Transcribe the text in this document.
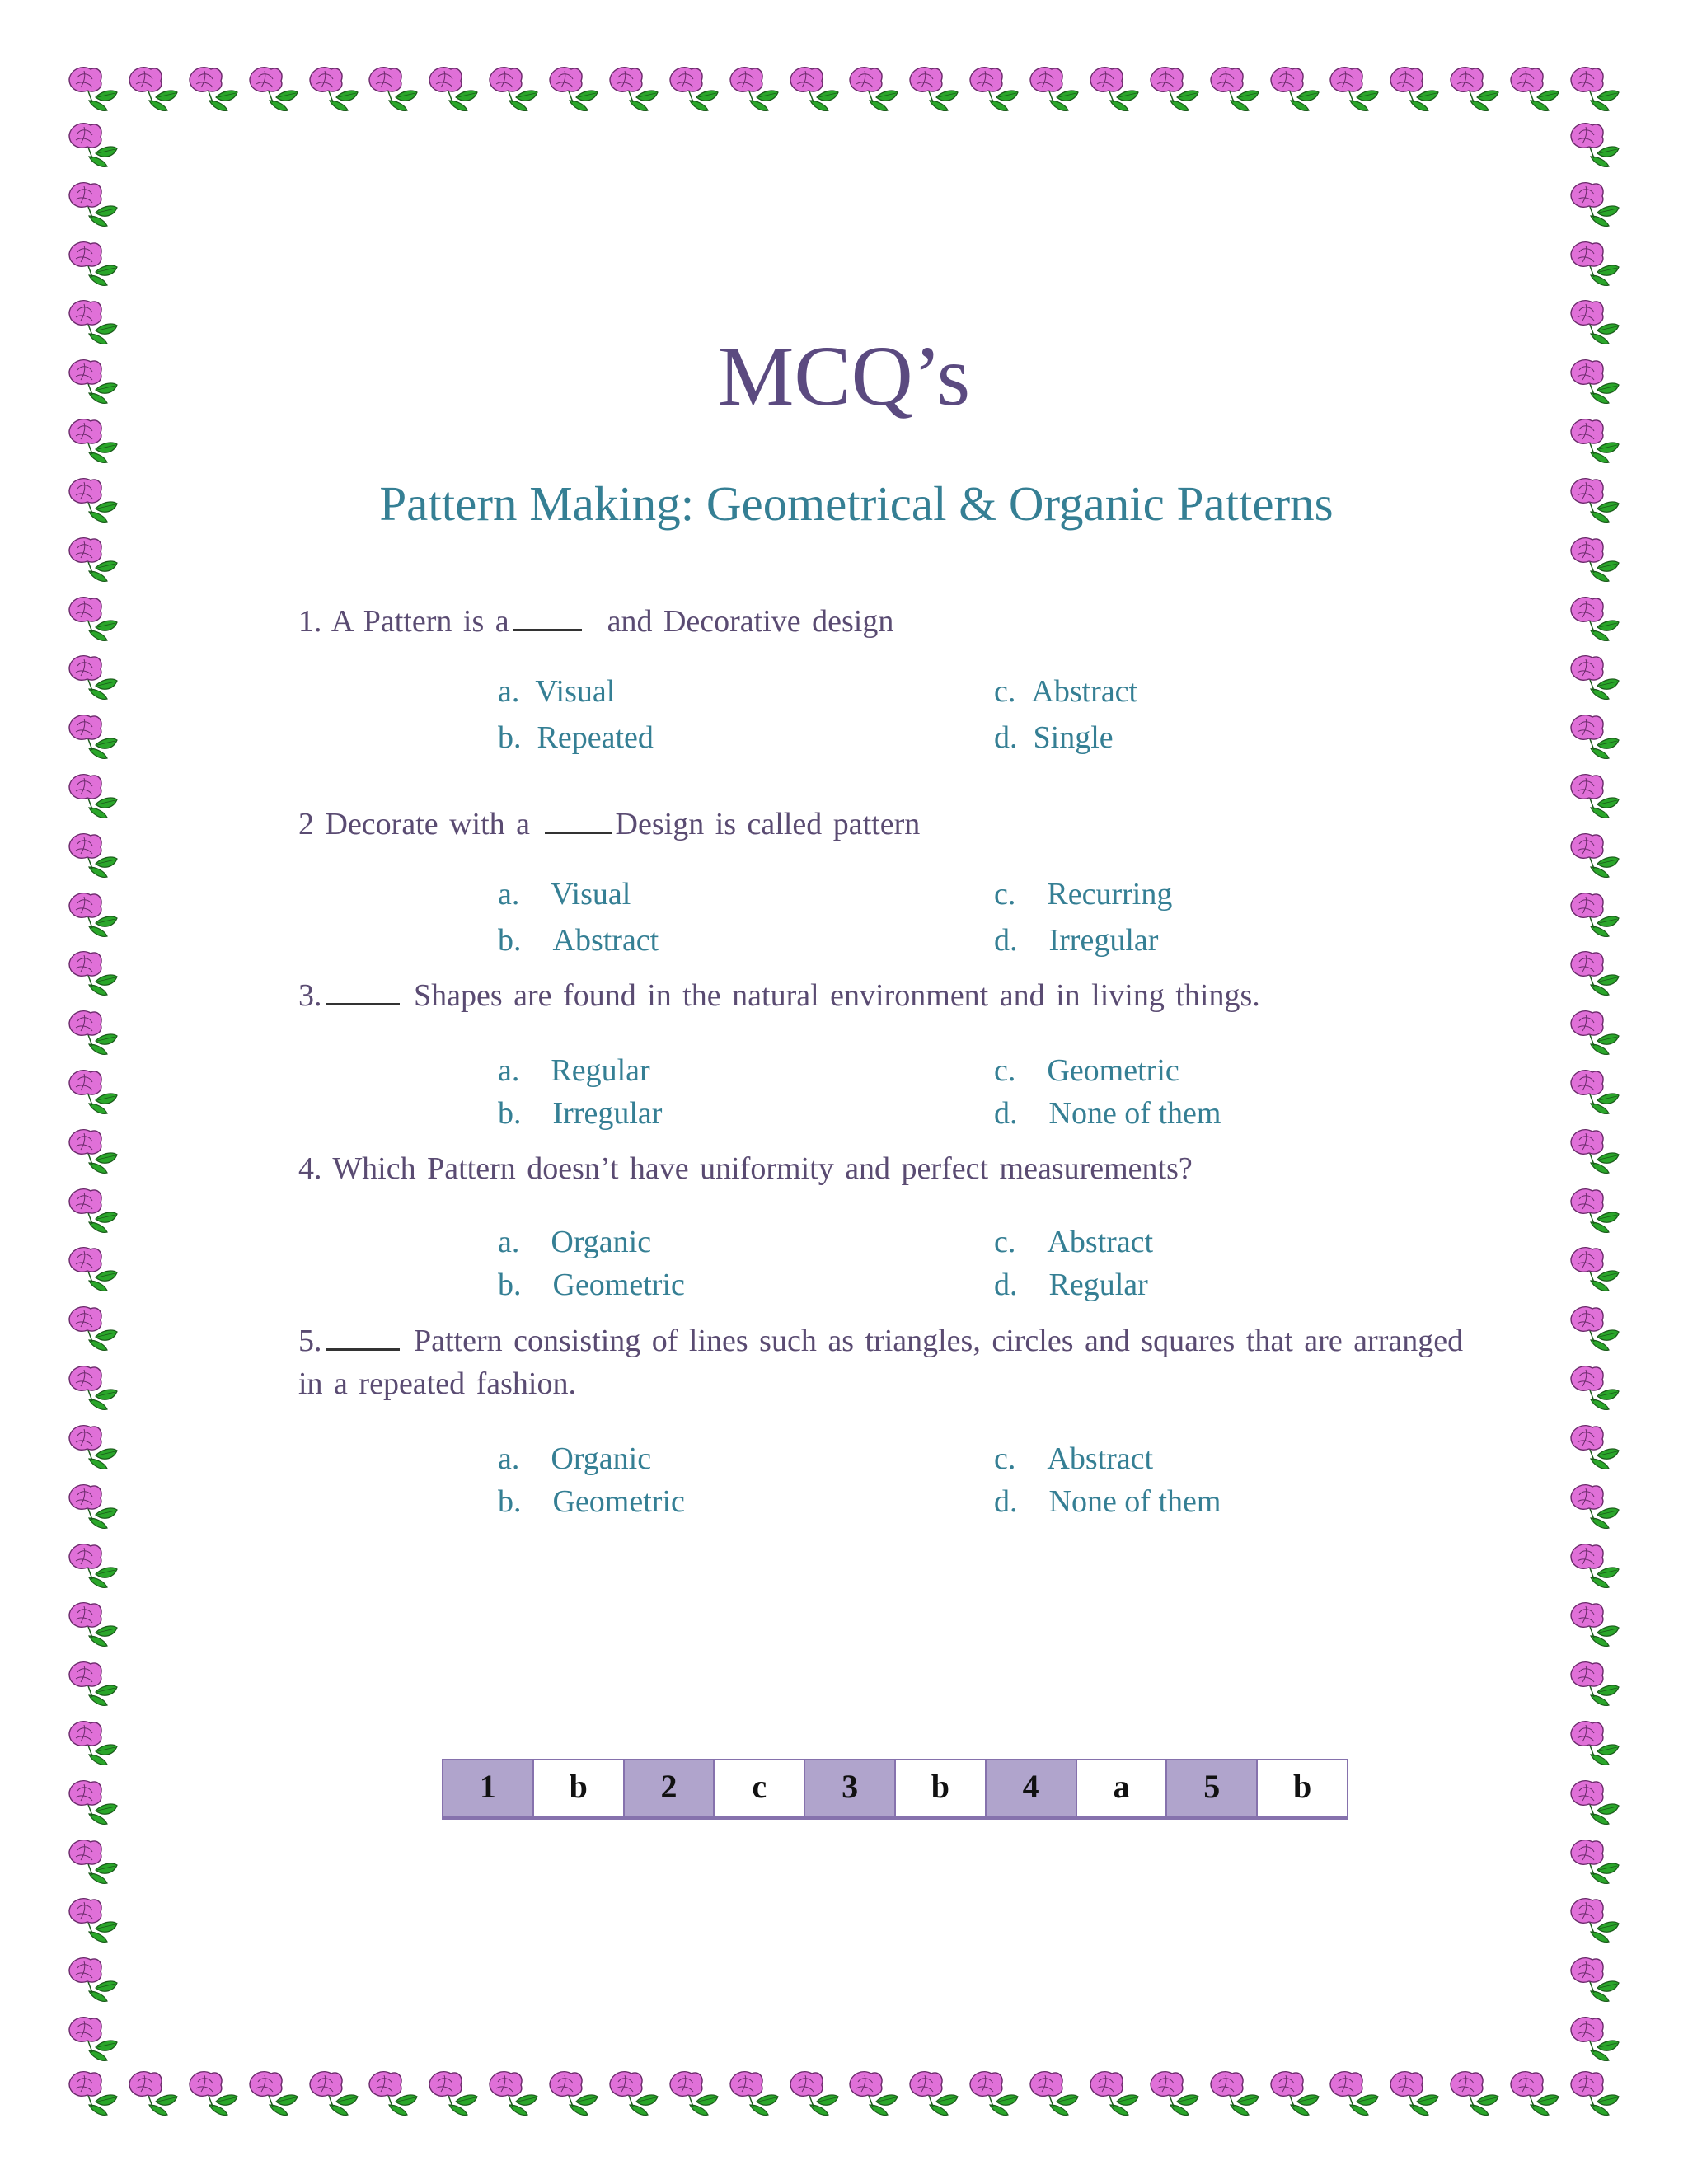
MCQ’s
Pattern Making: Geometrical & Organic Patterns
1. A Pattern is a	and Decorative design
a. Visual
b. Repeated
c. Abstract
d. Single
2 Decorate with a	Design is called pattern
a. Visual
b. Abstract
c. Recurring
d. Irregular
3.	Shapes are found in the natural environment and in living things.
a. Regular
b. Irregular
c. Geometric
d. None of them
4. Which Pattern doesn’t have uniformity and perfect measurements?
a. Organic
b. Geometric
c. Abstract
d. Regular
5.	Pattern consisting of lines such as triangles, circles and squares that are arranged in a repeated fashion.
a. Organic
b. Geometric
c. Abstract
d. None of them
1	b	2	c	3	b	4	a	5	b
